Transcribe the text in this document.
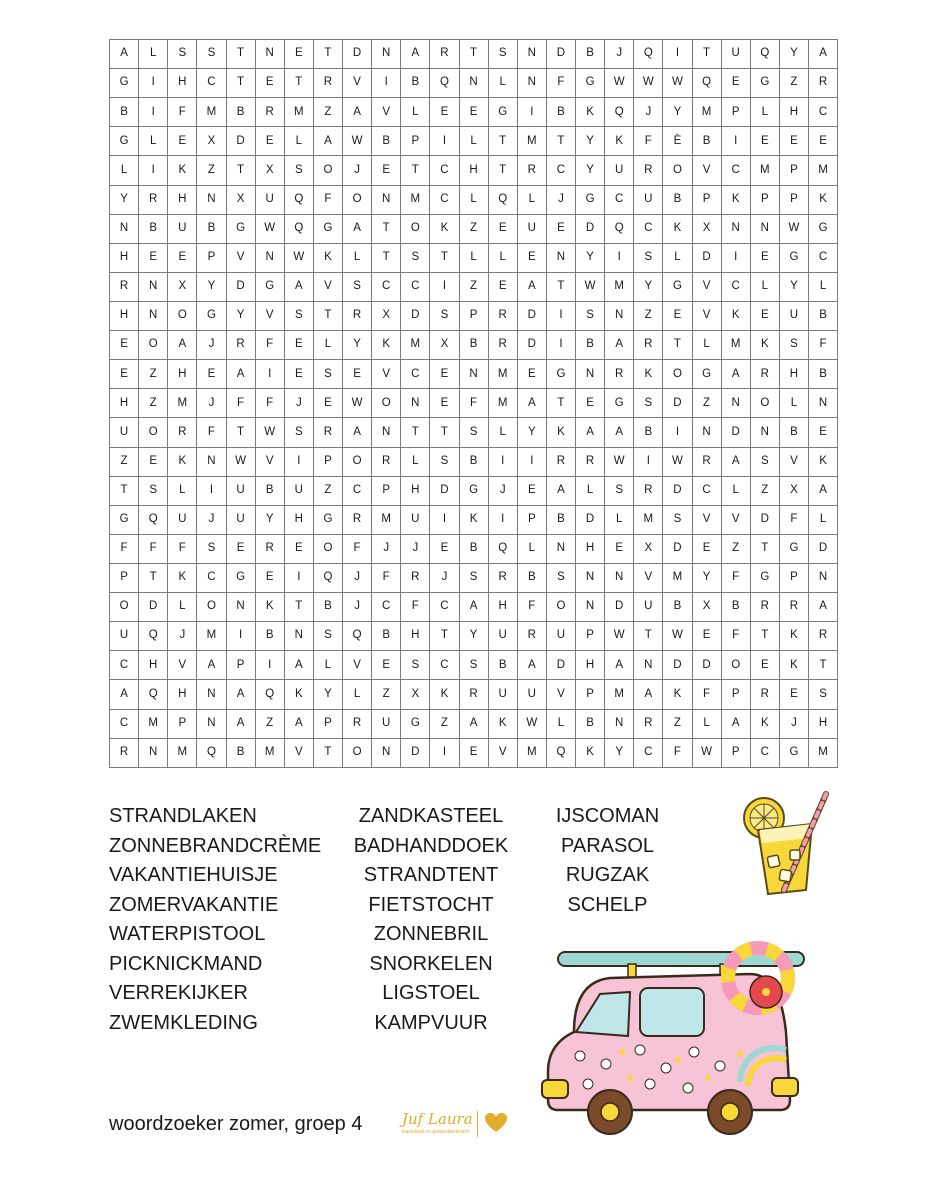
A	L	S	S	T	N	E	T	D	N	A	R	T	S	N	D	B	J	Q	I	T	U	Q	Y	A
G	I	H	C	T	E	T	R	V	I	B	Q	N	L	N	F	G	W	W	W	Q	E	G	Z	R
B	I	F	M	B	R	M	Z	A	V	L	E	E	G	I	B	K	Q	J	Y	M	P	L	H	C
G	L	E	X	D	E	L	A	W	B	P	I	L	T	M	T	Y	K	F	È	B	I	E	E	E
L	I	K	Z	T	X	S	O	J	E	T	C	H	T	R	C	Y	U	R	O	V	C	M	P	M
Y	R	H	N	X	U	Q	F	O	N	M	C	L	Q	L	J	G	C	U	B	P	K	P	P	K
N	B	U	B	G	W	Q	G	A	T	O	K	Z	E	U	E	D	Q	C	K	X	N	N	W	G
H	E	E	P	V	N	W	K	L	T	S	T	L	L	E	N	Y	I	S	L	D	I	E	G	C
R	N	X	Y	D	G	A	V	S	C	C	I	Z	E	A	T	W	M	Y	G	V	C	L	Y	L
H	N	O	G	Y	V	S	T	R	X	D	S	P	R	D	I	S	N	Z	E	V	K	E	U	B
E	O	A	J	R	F	E	L	Y	K	M	X	B	R	D	I	B	A	R	T	L	M	K	S	F
E	Z	H	E	A	I	E	S	E	V	C	E	N	M	E	G	N	R	K	O	G	A	R	H	B
H	Z	M	J	F	F	J	E	W	O	N	E	F	M	A	T	E	G	S	D	Z	N	O	L	N
U	O	R	F	T	W	S	R	A	N	T	T	S	L	Y	K	A	A	B	I	N	D	N	B	E
Z	E	K	N	W	V	I	P	O	R	L	S	B	I	I	R	R	W	I	W	R	A	S	V	K
T	S	L	I	U	B	U	Z	C	P	H	D	G	J	E	A	L	S	R	D	C	L	Z	X	A
G	Q	U	J	U	Y	H	G	R	M	U	I	K	I	P	B	D	L	M	S	V	V	D	F	L
F	F	F	S	E	R	E	O	F	J	J	E	B	Q	L	N	H	E	X	D	E	Z	T	G	D
P	T	K	C	G	E	I	Q	J	F	R	J	S	R	B	S	N	N	V	M	Y	F	G	P	N
O	D	L	O	N	K	T	B	J	C	F	C	A	H	F	O	N	D	U	B	X	B	R	R	A
U	Q	J	M	I	B	N	S	Q	B	H	T	Y	U	R	U	P	W	T	W	E	F	T	K	R
C	H	V	A	P	I	A	L	V	E	S	C	S	B	A	D	H	A	N	D	D	O	E	K	T
A	Q	H	N	A	Q	K	Y	L	Z	X	K	R	U	U	V	P	M	A	K	F	P	R	E	S
C	M	P	N	A	Z	A	P	R	U	G	Z	A	K	W	L	B	N	R	Z	L	A	K	J	H
R	N	M	Q	B	M	V	T	O	N	D	I	E	V	M	Q	K	Y	C	F	W	P	C	G	M
STRANDLAKEN
ZONNEBRANDCRÈME
VAKANTIEHUISJE
ZOMERVAKANTIE
WATERPISTOOL
PICKNICKMAND
VERREKIJKER
ZWEMKLEDING
ZANDKASTEEL
BADHANDDOEK
STRANDTENT
FIETSTOCHT
ZONNEBRIL
SNORKELEN
LIGSTOEL
KAMPVUUR
IJSCOMAN
PARASOL
RUGZAK
SCHELP
woordzoeker zomer, groep 4	Juf Laura
klaslokaal en groepsleerkracht
